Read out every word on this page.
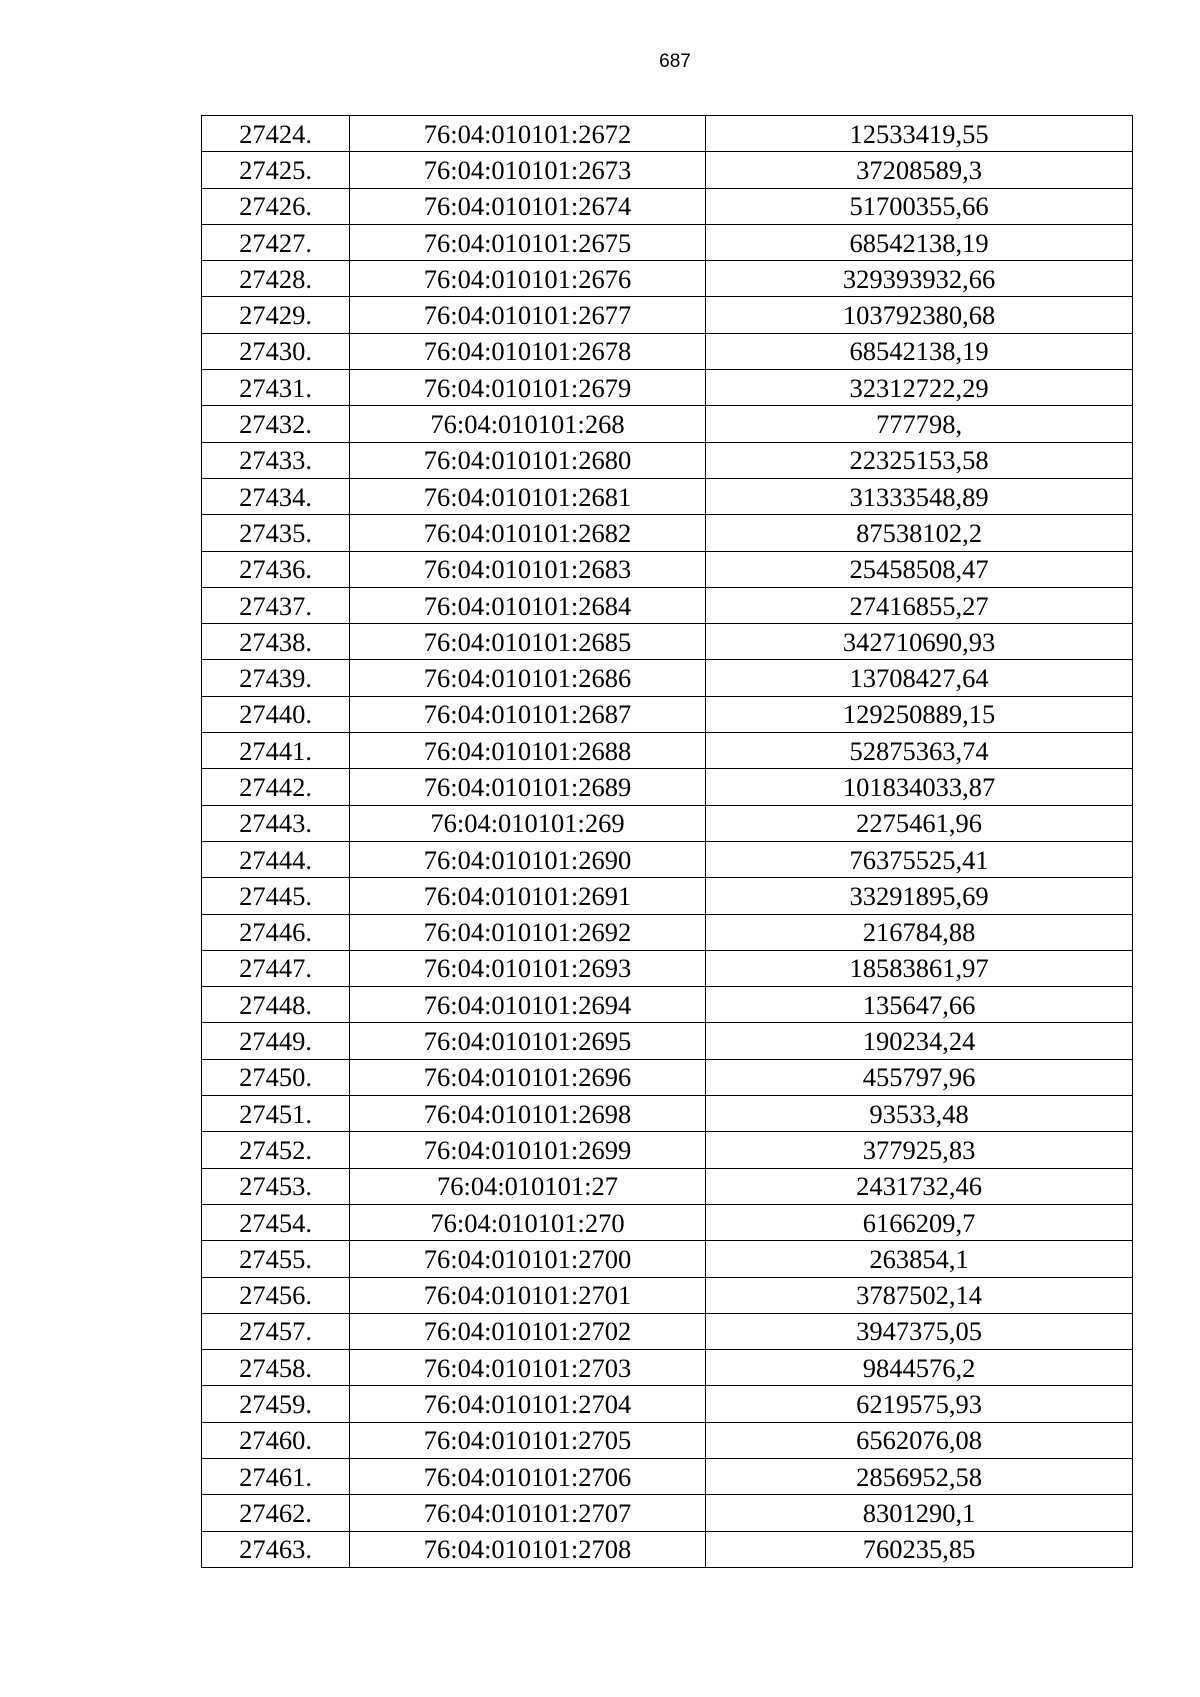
687
27424.	76:04:010101:2672	12533419,55
27425.	76:04:010101:2673	37208589,3
27426.	76:04:010101:2674	51700355,66
27427.	76:04:010101:2675	68542138,19
27428.	76:04:010101:2676	329393932,66
27429.	76:04:010101:2677	103792380,68
27430.	76:04:010101:2678	68542138,19
27431.	76:04:010101:2679	32312722,29
27432.	76:04:010101:268	777798,
27433.	76:04:010101:2680	22325153,58
27434.	76:04:010101:2681	31333548,89
27435.	76:04:010101:2682	87538102,2
27436.	76:04:010101:2683	25458508,47
27437.	76:04:010101:2684	27416855,27
27438.	76:04:010101:2685	342710690,93
27439.	76:04:010101:2686	13708427,64
27440.	76:04:010101:2687	129250889,15
27441.	76:04:010101:2688	52875363,74
27442.	76:04:010101:2689	101834033,87
27443.	76:04:010101:269	2275461,96
27444.	76:04:010101:2690	76375525,41
27445.	76:04:010101:2691	33291895,69
27446.	76:04:010101:2692	216784,88
27447.	76:04:010101:2693	18583861,97
27448.	76:04:010101:2694	135647,66
27449.	76:04:010101:2695	190234,24
27450.	76:04:010101:2696	455797,96
27451.	76:04:010101:2698	93533,48
27452.	76:04:010101:2699	377925,83
27453.	76:04:010101:27	2431732,46
27454.	76:04:010101:270	6166209,7
27455.	76:04:010101:2700	263854,1
27456.	76:04:010101:2701	3787502,14
27457.	76:04:010101:2702	3947375,05
27458.	76:04:010101:2703	9844576,2
27459.	76:04:010101:2704	6219575,93
27460.	76:04:010101:2705	6562076,08
27461.	76:04:010101:2706	2856952,58
27462.	76:04:010101:2707	8301290,1
27463.	76:04:010101:2708	760235,85
